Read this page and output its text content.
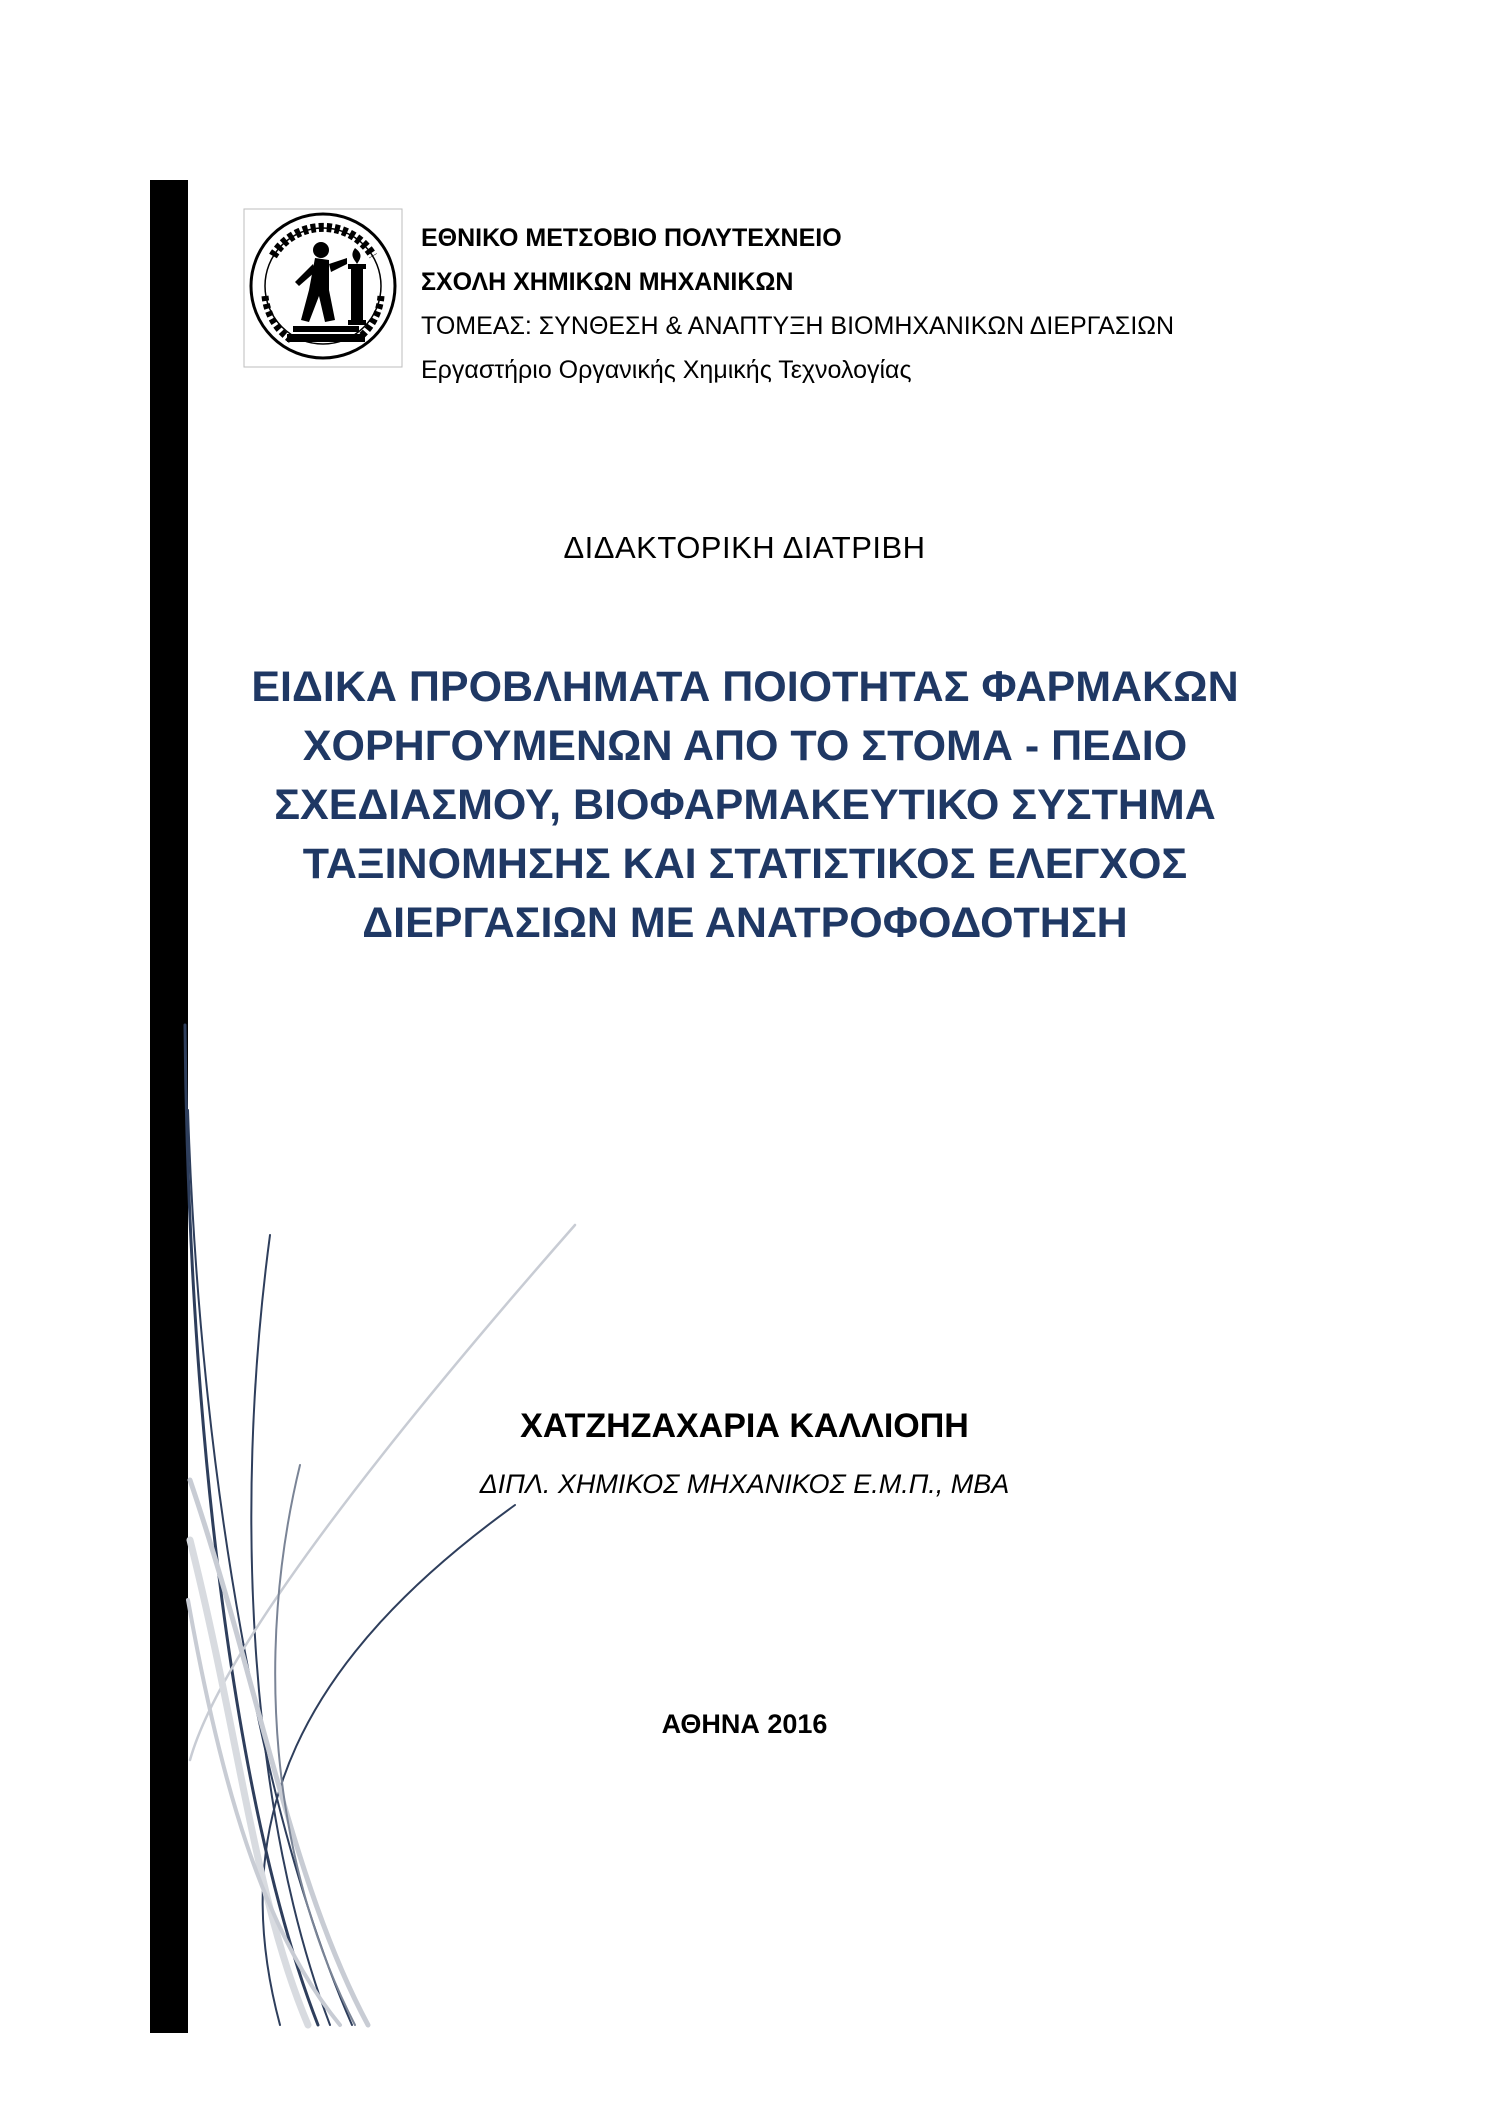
ΕΘΝΙΚΟ ΜΕΤΣΟΒΙΟ ΠΟΛΥΤΕΧΝΕΙΟ
ΣΧΟΛΗ ΧΗΜΙΚΩΝ ΜΗΧΑΝΙΚΩΝ
ΤΟΜΕΑΣ: ΣΥΝΘΕΣΗ & ΑΝΑΠΤΥΞΗ ΒΙΟΜΗΧΑΝΙΚΩΝ ΔΙΕΡΓΑΣΙΩΝ
Εργαστήριο Οργανικής Χημικής Τεχνολογίας
ΔΙΔΑΚΤΟΡΙΚΗ ΔΙΑΤΡΙΒΗ
ΕΙΔΙΚΑ ΠΡΟΒΛΗΜΑΤΑ ΠΟΙΟΤΗΤΑΣ ΦΑΡΜΑΚΩΝ
ΧΟΡΗΓΟΥΜΕΝΩΝ ΑΠΟ ΤΟ ΣΤΟΜΑ - ΠΕΔΙΟ
ΣΧΕΔΙΑΣΜΟΥ, ΒΙΟΦΑΡΜΑΚΕΥΤΙΚΟ ΣΥΣΤΗΜΑ
ΤΑΞΙΝΟΜΗΣΗΣ ΚΑΙ ΣΤΑΤΙΣΤΙΚΟΣ ΕΛΕΓΧΟΣ
ΔΙΕΡΓΑΣΙΩΝ ΜΕ ΑΝΑΤΡΟΦΟΔΟΤΗΣΗ
ΧΑΤΖΗΖΑΧΑΡΙΑ ΚΑΛΛΙΟΠΗ
ΔΙΠΛ. ΧΗΜΙΚΟΣ ΜΗΧΑΝΙΚΟΣ Ε.Μ.Π., MBA
ΑΘΗΝΑ 2016
